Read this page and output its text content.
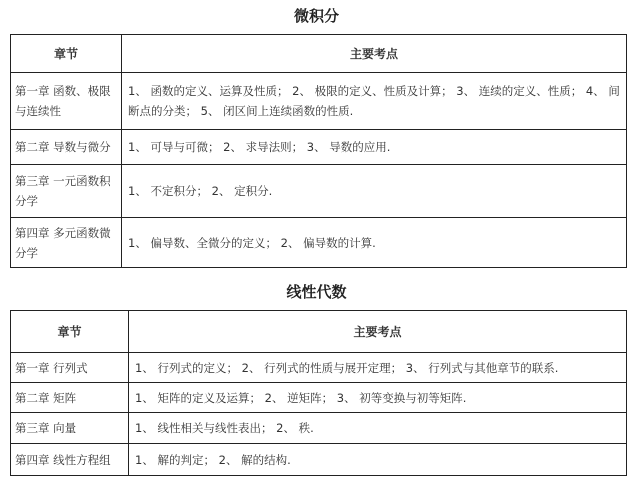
微积分
章节	主要考点
第一章 函数、极限与连续性	1、 函数的定义、运算及性质； 2、 极限的定义、性质及计算； 3、 连续的定义、性质； 4、 间断点的分类； 5、 闭区间上连续函数的性质.
第二章 导数与微分	1、 可导与可微； 2、 求导法则； 3、 导数的应用.
第三章 一元函数积分学	1、 不定积分； 2、 定积分.
第四章 多元函数微分学	1、 偏导数、全微分的定义； 2、 偏导数的计算.
线性代数
章节	主要考点
第一章 行列式	1、 行列式的定义； 2、 行列式的性质与展开定理； 3、 行列式与其他章节的联系.
第二章 矩阵	1、 矩阵的定义及运算； 2、 逆矩阵； 3、 初等变换与初等矩阵.
第三章 向量	1、 线性相关与线性表出； 2、 秩.
第四章 线性方程组	1、 解的判定； 2、 解的结构.
